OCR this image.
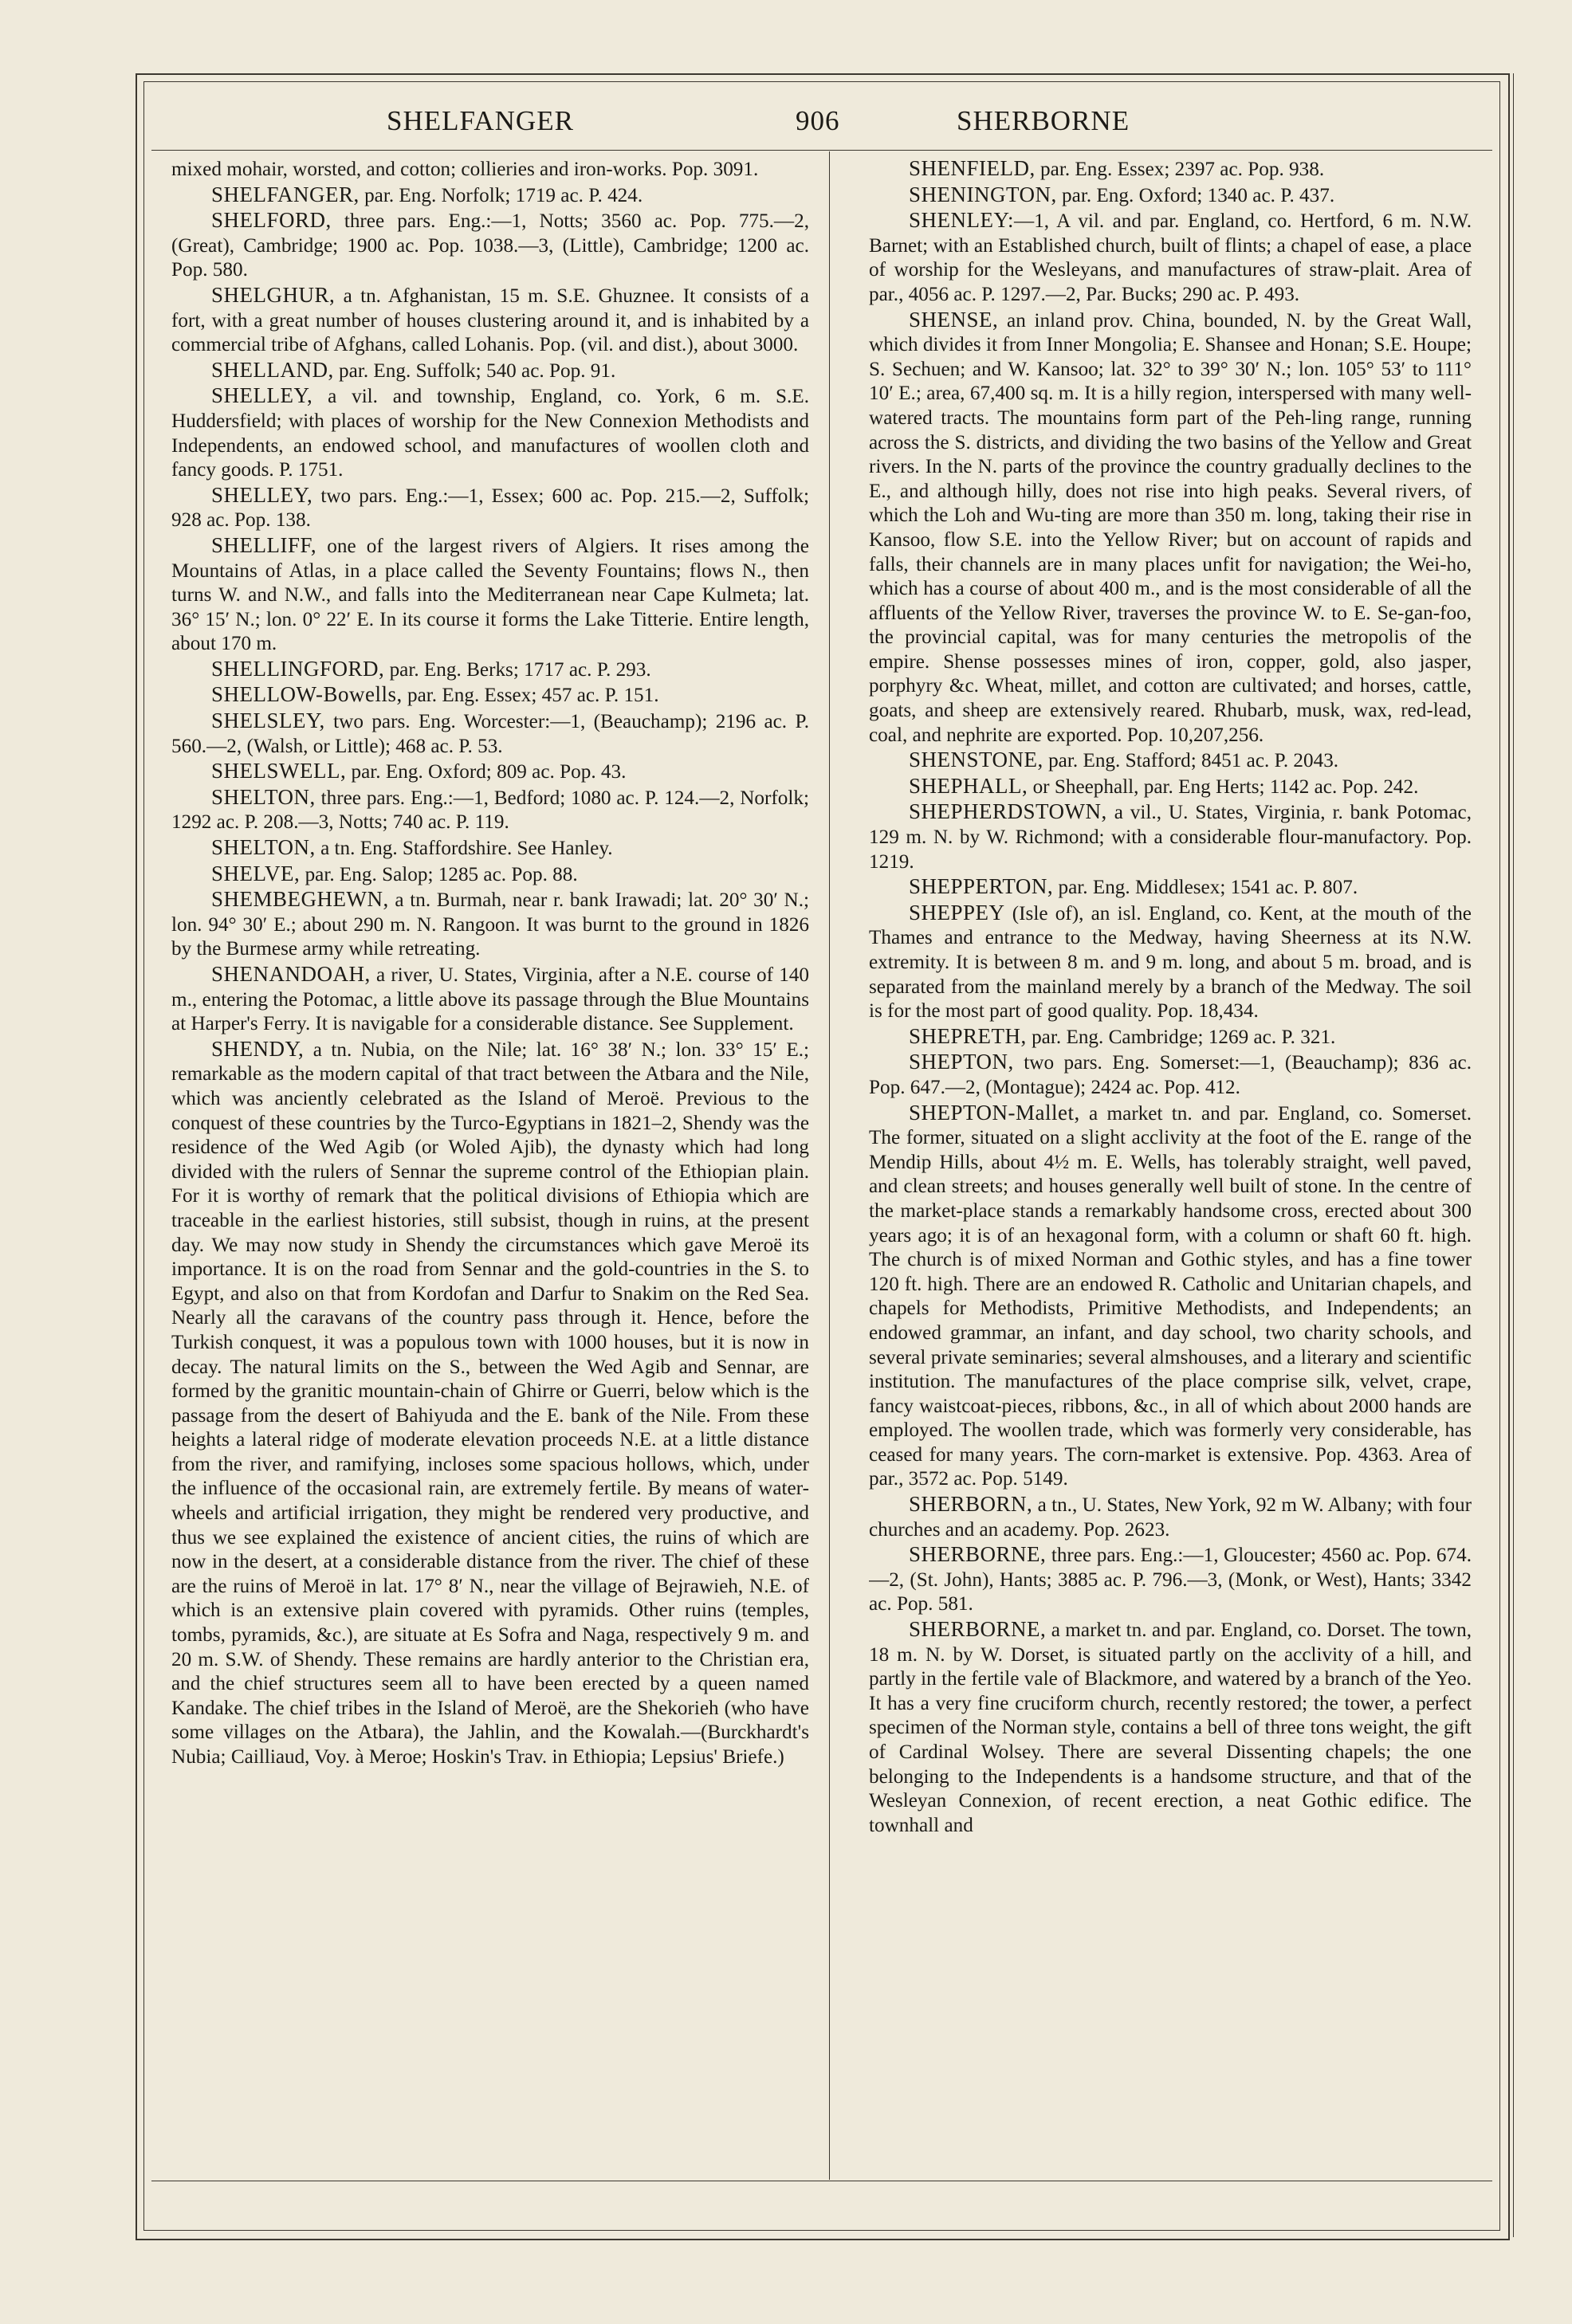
SHELFANGER	906	SHERBORNE

mixed mohair, worsted, and cotton; collieries and iron-works. Pop. 3091.

SHELFANGER, par. Eng. Norfolk; 1719 ac. P. 424.

SHELFORD, three pars. Eng.:—1, Notts; 3560 ac. Pop. 775.—2, (Great), Cambridge; 1900 ac. Pop. 1038.—3, (Little), Cambridge; 1200 ac. Pop. 580.

SHELGHUR, a tn. Afghanistan, 15 m. S.E. Ghuznee. It consists of a fort, with a great number of houses clustering around it, and is inhabited by a commercial tribe of Afghans, called Lohanis. Pop. (vil. and dist.), about 3000.

SHELLAND, par. Eng. Suffolk; 540 ac. Pop. 91.

SHELLEY, a vil. and township, England, co. York, 6 m. S.E. Huddersfield; with places of worship for the New Connexion Methodists and Independents, an endowed school, and manufactures of woollen cloth and fancy goods. P. 1751.

SHELLEY, two pars. Eng.:—1, Essex; 600 ac. Pop. 215.—2, Suffolk; 928 ac. Pop. 138.

SHELLIFF, one of the largest rivers of Algiers. It rises among the Mountains of Atlas, in a place called the Seventy Fountains; flows N., then turns W. and N.W., and falls into the Mediterranean near Cape Kulmeta; lat. 36° 15′ N.; lon. 0° 22′ E. In its course it forms the Lake Titterie. Entire length, about 170 m.

SHELLINGFORD, par. Eng. Berks; 1717 ac. P. 293.

SHELLOW-Bowells, par. Eng. Essex; 457 ac. P. 151.

SHELSLEY, two pars. Eng. Worcester:—1, (Beauchamp); 2196 ac. P. 560.—2, (Walsh, or Little); 468 ac. P. 53.

SHELSWELL, par. Eng. Oxford; 809 ac. Pop. 43.

SHELTON, three pars. Eng.:—1, Bedford; 1080 ac. P. 124.—2, Norfolk; 1292 ac. P. 208.—3, Notts; 740 ac. P. 119.

SHELTON, a tn. Eng. Staffordshire. See Hanley.

SHELVE, par. Eng. Salop; 1285 ac. Pop. 88.

SHEMBEGHEWN, a tn. Burmah, near r. bank Irawadi; lat. 20° 30′ N.; lon. 94° 30′ E.; about 290 m. N. Rangoon. It was burnt to the ground in 1826 by the Burmese army while retreating.

SHENANDOAH, a river, U. States, Virginia, after a N.E. course of 140 m., entering the Potomac, a little above its passage through the Blue Mountains at Harper's Ferry. It is navigable for a considerable distance. See Supplement.

SHENDY, a tn. Nubia, on the Nile; lat. 16° 38′ N.; lon. 33° 15′ E.; remarkable as the modern capital of that tract between the Atbara and the Nile, which was anciently celebrated as the Island of Meroë. Previous to the conquest of these countries by the Turco-Egyptians in 1821–2, Shendy was the residence of the Wed Agib (or Woled Ajib), the dynasty which had long divided with the rulers of Sennar the supreme control of the Ethiopian plain. For it is worthy of remark that the political divisions of Ethiopia which are traceable in the earliest histories, still subsist, though in ruins, at the present day. We may now study in Shendy the circumstances which gave Meroë its importance. It is on the road from Sennar and the gold-countries in the S. to Egypt, and also on that from Kordofan and Darfur to Snakim on the Red Sea. Nearly all the caravans of the country pass through it. Hence, before the Turkish conquest, it was a populous town with 1000 houses, but it is now in decay. The natural limits on the S., between the Wed Agib and Sennar, are formed by the granitic mountain-chain of Ghirre or Guerri, below which is the passage from the desert of Bahiyuda and the E. bank of the Nile. From these heights a lateral ridge of moderate elevation proceeds N.E. at a little distance from the river, and ramifying, incloses some spacious hollows, which, under the influence of the occasional rain, are extremely fertile. By means of water-wheels and artificial irrigation, they might be rendered very productive, and thus we see explained the existence of ancient cities, the ruins of which are now in the desert, at a considerable distance from the river. The chief of these are the ruins of Meroë in lat. 17° 8′ N., near the village of Bejrawieh, N.E. of which is an extensive plain covered with pyramids. Other ruins (temples, tombs, pyramids, &c.), are situate at Es Sofra and Naga, respectively 9 m. and 20 m. S.W. of Shendy. These remains are hardly anterior to the Christian era, and the chief structures seem all to have been erected by a queen named Kandake. The chief tribes in the Island of Meroë, are the Shekorieh (who have some villages on the Atbara), the Jahlin, and the Kowalah.—(Burckhardt's Nubia; Cailliaud, Voy. à Meroe; Hoskin's Trav. in Ethiopia; Lepsius' Briefe.)

SHENFIELD, par. Eng. Essex; 2397 ac. Pop. 938.

SHENINGTON, par. Eng. Oxford; 1340 ac. P. 437.

SHENLEY:—1, A vil. and par. England, co. Hertford, 6 m. N.W. Barnet; with an Established church, built of flints; a chapel of ease, a place of worship for the Wesleyans, and manufactures of straw-plait. Area of par., 4056 ac. P. 1297.—2, Par. Bucks; 290 ac. P. 493.

SHENSE, an inland prov. China, bounded, N. by the Great Wall, which divides it from Inner Mongolia; E. Shansee and Honan; S.E. Houpe; S. Sechuen; and W. Kansoo; lat. 32° to 39° 30′ N.; lon. 105° 53′ to 111° 10′ E.; area, 67,400 sq. m. It is a hilly region, interspersed with many well-watered tracts. The mountains form part of the Peh-ling range, running across the S. districts, and dividing the two basins of the Yellow and Great rivers. In the N. parts of the province the country gradually declines to the E., and although hilly, does not rise into high peaks. Several rivers, of which the Loh and Wu-ting are more than 350 m. long, taking their rise in Kansoo, flow S.E. into the Yellow River; but on account of rapids and falls, their channels are in many places unfit for navigation; the Wei-ho, which has a course of about 400 m., and is the most considerable of all the affluents of the Yellow River, traverses the province W. to E. Se-gan-foo, the provincial capital, was for many centuries the metropolis of the empire. Shense possesses mines of iron, copper, gold, also jasper, porphyry &c. Wheat, millet, and cotton are cultivated; and horses, cattle, goats, and sheep are extensively reared. Rhubarb, musk, wax, red-lead, coal, and nephrite are exported. Pop. 10,207,256.

SHENSTONE, par. Eng. Stafford; 8451 ac. P. 2043.

SHEPHALL, or Sheephall, par. Eng Herts; 1142 ac. Pop. 242.

SHEPHERDSTOWN, a vil., U. States, Virginia, r. bank Potomac, 129 m. N. by W. Richmond; with a considerable flour-manufactory. Pop. 1219.

SHEPPERTON, par. Eng. Middlesex; 1541 ac. P. 807.

SHEPPEY (Isle of), an isl. England, co. Kent, at the mouth of the Thames and entrance to the Medway, having Sheerness at its N.W. extremity. It is between 8 m. and 9 m. long, and about 5 m. broad, and is separated from the mainland merely by a branch of the Medway. The soil is for the most part of good quality. Pop. 18,434.

SHEPRETH, par. Eng. Cambridge; 1269 ac. P. 321.

SHEPTON, two pars. Eng. Somerset:—1, (Beauchamp); 836 ac. Pop. 647.—2, (Montague); 2424 ac. Pop. 412.

SHEPTON-Mallet, a market tn. and par. England, co. Somerset. The former, situated on a slight acclivity at the foot of the E. range of the Mendip Hills, about 4½ m. E. Wells, has tolerably straight, well paved, and clean streets; and houses generally well built of stone. In the centre of the market-place stands a remarkably handsome cross, erected about 300 years ago; it is of an hexagonal form, with a column or shaft 60 ft. high. The church is of mixed Norman and Gothic styles, and has a fine tower 120 ft. high. There are an endowed R. Catholic and Unitarian chapels, and chapels for Methodists, Primitive Methodists, and Independents; an endowed grammar, an infant, and day school, two charity schools, and several private seminaries; several almshouses, and a literary and scientific institution. The manufactures of the place comprise silk, velvet, crape, fancy waistcoat-pieces, ribbons, &c., in all of which about 2000 hands are employed. The woollen trade, which was formerly very considerable, has ceased for many years. The corn-market is extensive. Pop. 4363. Area of par., 3572 ac. Pop. 5149.

SHERBORN, a tn., U. States, New York, 92 m W. Albany; with four churches and an academy. Pop. 2623.

SHERBORNE, three pars. Eng.:—1, Gloucester; 4560 ac. Pop. 674.—2, (St. John), Hants; 3885 ac. P. 796.—3, (Monk, or West), Hants; 3342 ac. Pop. 581.

SHERBORNE, a market tn. and par. England, co. Dorset. The town, 18 m. N. by W. Dorset, is situated partly on the acclivity of a hill, and partly in the fertile vale of Blackmore, and watered by a branch of the Yeo. It has a very fine cruciform church, recently restored; the tower, a perfect specimen of the Norman style, contains a bell of three tons weight, the gift of Cardinal Wolsey. There are several Dissenting chapels; the one belonging to the Independents is a handsome structure, and that of the Wesleyan Connexion, of recent erection, a neat Gothic edifice. The townhall and
